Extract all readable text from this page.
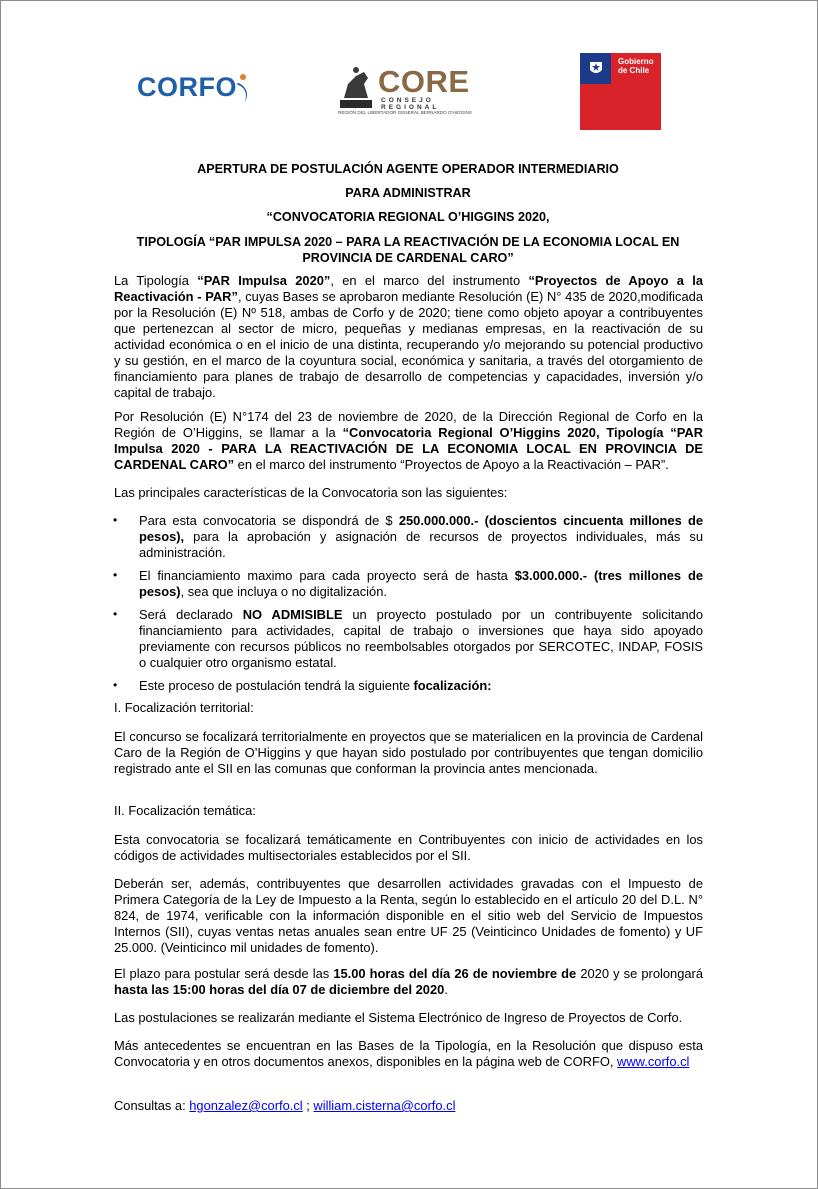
CORFO	CORE
CONSEJO REGIONAL
REGIÓN DEL LIBERTADOR GENERAL BERNARDO O'HIGGINS
Gobierno
de Chile
APERTURA DE POSTULACIÓN AGENTE OPERADOR INTERMEDIARIO
PARA ADMINISTRAR
“CONVOCATORIA REGIONAL O’HIGGINS 2020,
TIPOLOGÍA “PAR IMPULSA 2020 – PARA LA REACTIVACIÓN DE LA ECONOMIA LOCAL EN PROVINCIA DE CARDENAL CARO”
La Tipología “PAR Impulsa 2020”, en el marco del instrumento “Proyectos de Apoyo a la Reactivación - PAR”, cuyas Bases se aprobaron mediante Resolución (E) N° 435 de 2020,modificada por la Resolución (E) Nº 518, ambas de Corfo y de 2020; tiene como objeto apoyar a contribuyentes que pertenezcan al sector de micro, pequeñas y medianas empresas, en la reactivación de su actividad económica o en el inicio de una distinta, recuperando y/o mejorando su potencial productivo y su gestión, en el marco de la coyuntura social, económica y sanitaria, a través del otorgamiento de financiamiento para planes de trabajo de desarrollo de competencias y capacidades, inversión y/o capital de trabajo.
Por Resolución (E) N°174 del 23 de noviembre de 2020, de la Dirección Regional de Corfo en la Región de O’Higgins, se llamar a la “Convocatoria Regional O’Higgins 2020, Tipología “PAR Impulsa 2020 - PARA LA REACTIVACIÓN DE LA ECONOMIA LOCAL EN PROVINCIA DE CARDENAL CARO” en el marco del instrumento “Proyectos de Apoyo a la Reactivación – PAR”.
Las principales características de la Convocatoria son las siguientes:
• Para esta convocatoria se dispondrá de $ 250.000.000.- (doscientos cincuenta millones de pesos), para la aprobación y asignación de recursos de proyectos individuales, más su administración.
• El financiamiento maximo para cada proyecto será de hasta $3.000.000.- (tres millones de pesos), sea que incluya o no digitalización.
• Será declarado NO ADMISIBLE un proyecto postulado por un contribuyente solicitando financiamiento para actividades, capital de trabajo o inversiones que haya sido apoyado previamente con recursos públicos no reembolsables otorgados por SERCOTEC, INDAP, FOSIS o cualquier otro organismo estatal.
• Este proceso de postulación tendrá la siguiente focalización:
I. Focalización territorial:
El concurso se focalizará territorialmente en proyectos que se materialicen en la provincia de Cardenal Caro de la Región de O’Higgins y que hayan sido postulado por contribuyentes que tengan domicilio registrado ante el SII en las comunas que conforman la provincia antes mencionada.
II. Focalización temática:
Esta convocatoria se focalizará temáticamente en Contribuyentes con inicio de actividades en los códigos de actividades multisectoriales establecidos por el SII.
Deberán ser, además, contribuyentes que desarrollen actividades gravadas con el Impuesto de Primera Categoría de la Ley de Impuesto a la Renta, según lo establecido en el artículo 20 del D.L. N° 824, de 1974, verificable con la información disponible en el sitio web del Servicio de Impuestos Internos (SII), cuyas ventas netas anuales sean entre UF 25 (Veinticinco Unidades de fomento) y UF 25.000. (Veinticinco mil unidades de fomento).
El plazo para postular será desde las 15.00 horas del día 26 de noviembre de 2020 y se prolongará hasta las 15:00 horas del día 07 de diciembre del 2020.
Las postulaciones se realizarán mediante el Sistema Electrónico de Ingreso de Proyectos de Corfo.
Más antecedentes se encuentran en las Bases de la Tipología, en la Resolución que dispuso esta Convocatoria y en otros documentos anexos, disponibles en la página web de CORFO, www.corfo.cl
Consultas a: hgonzalez@corfo.cl ; william.cisterna@corfo.cl
